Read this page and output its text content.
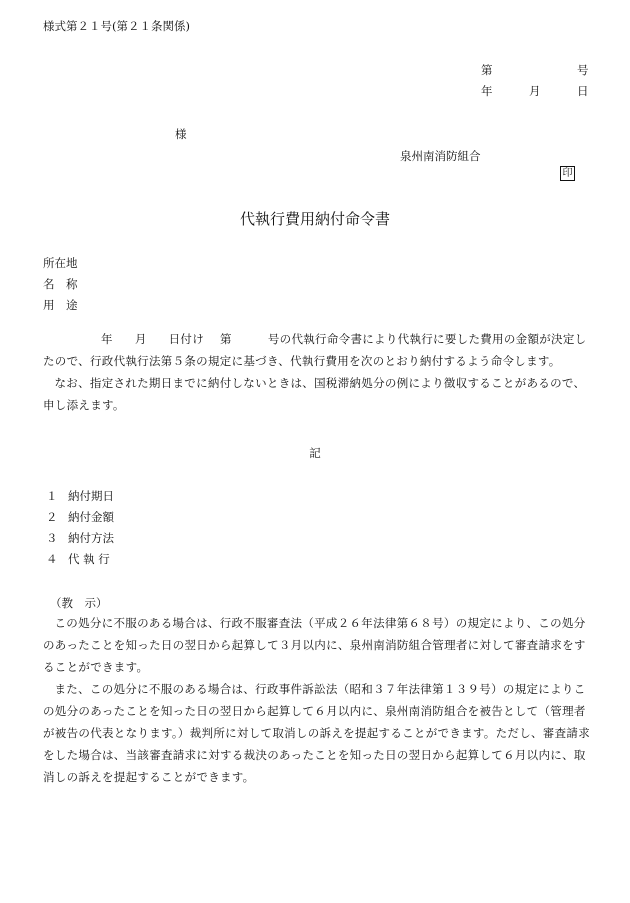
様式第２１号(第２１条関係)
第	号
年	月	日
様
泉州南消防組合
印
代執行費用納付命令書
所在地
名　称
用　途
年 月 日付け 第	号の代執行命令書により代執行に要した費用の金額が決定したので、行政代執行法第５条の規定に基づき、代執行費用を次のとおり納付するよう命令します。
なお、指定された期日までに納付しないときは、国税滞納処分の例により徴収することがあるので、申し添えます。
記
１ 納付期日
２ 納付金額
３ 納付方法
４ 代 執 行
（教　示）
この処分に不服のある場合は、行政不服審査法（平成２６年法律第６８号）の規定により、この処分のあったことを知った日の翌日から起算して３月以内に、泉州南消防組合管理者に対して審査請求をすることができます。
また、この処分に不服のある場合は、行政事件訴訟法（昭和３７年法律第１３９号）の規定によりこの処分のあったことを知った日の翌日から起算して６月以内に、泉州南消防組合を被告として（管理者が被告の代表となります。）裁判所に対して取消しの訴えを提起することができます。ただし、審査請求をした場合は、当該審査請求に対する裁決のあったことを知った日の翌日から起算して６月以内に、取消しの訴えを提起することができます。
